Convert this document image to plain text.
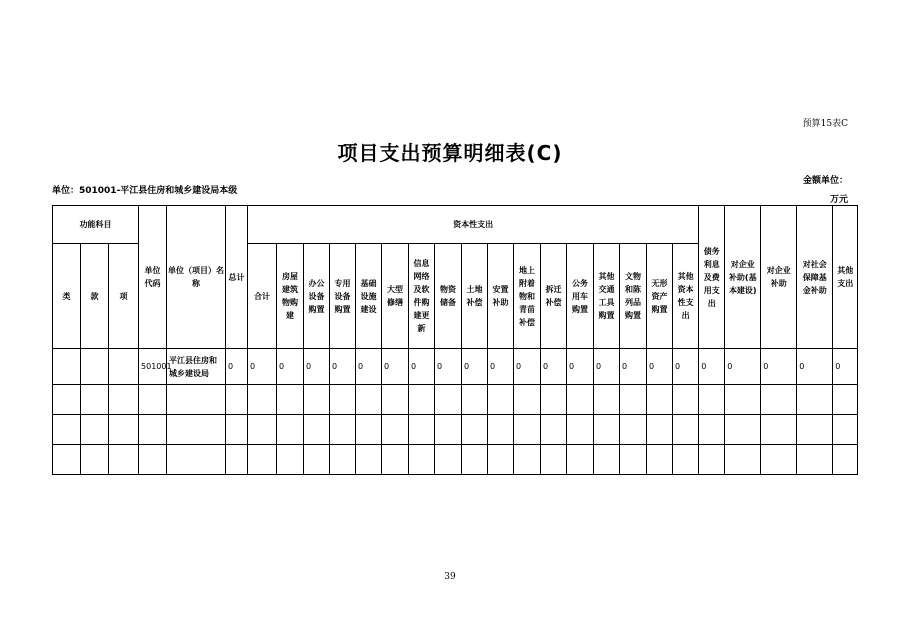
预算15表C
项目支出预算明细表(C)
单位：501001-平江县住房和城乡建设局本级
金额单位：
万元
功能科目			单位代码	单位（项目）名称	总计	资本性支出																	债务利息及费用支出	对企业补助(基本建设)	对企业补助	对社会保障基金补助	其他支出
类	款	项				合计	房屋建筑物购建	办公设备购置	专用设备购置	基础设施建设	大型修缮	信息网络及软件购建更新	物资储备	土地补偿	安置补助	地上附着物和青苗补偿	拆迁补偿	公务用车购置	其他交通工具购置	文物和陈列品购置	无形资产购置	其他资本性支出					
			501001	平江县住房和城乡建设局	0	0	0	0	0	0	0	0	0	0	0	0	0	0	0	0	0	0	0	0	0	0	0

39
